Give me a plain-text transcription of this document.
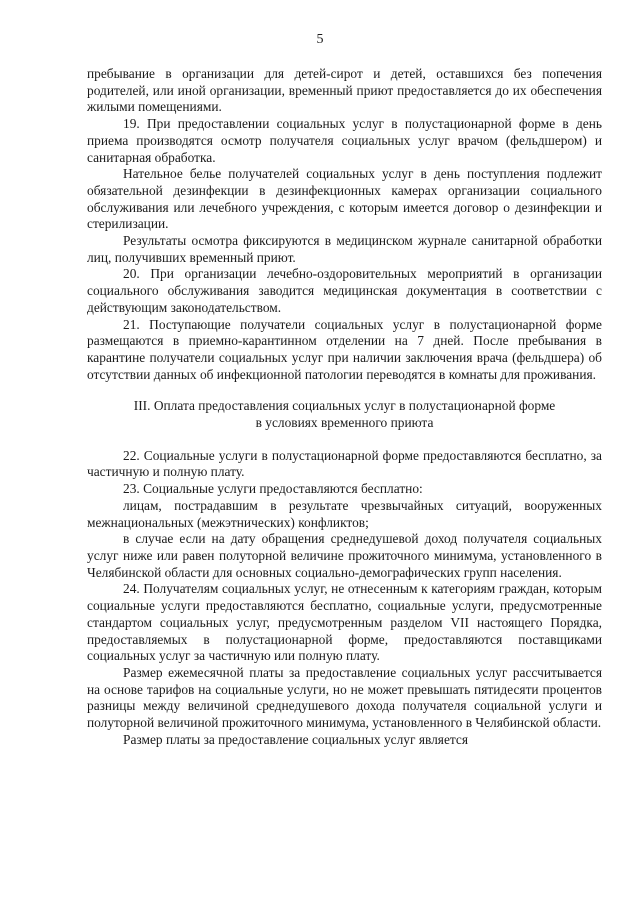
5

пребывание в организации для детей-сирот и детей, оставшихся без попечения родителей, или иной организации, временный приют предоставляется до их обеспечения жилыми помещениями.

19. При предоставлении социальных услуг в полустационарной форме в день приема производятся осмотр получателя социальных услуг врачом (фельдшером) и санитарная обработка.

Нательное белье получателей социальных услуг в день поступления подлежит обязательной дезинфекции в дезинфекционных камерах организации социального обслуживания или лечебного учреждения, с которым имеется договор о дезинфекции и стерилизации.

Результаты осмотра фиксируются в медицинском журнале санитарной обработки лиц, получивших временный приют.

20. При организации лечебно-оздоровительных мероприятий в организации социального обслуживания заводится медицинская документация в соответствии с действующим законодательством.

21. Поступающие получатели социальных услуг в полустационарной форме размещаются в приемно-карантинном отделении на 7 дней. После пребывания в карантине получатели социальных услуг при наличии заключения врача (фельдшера) об отсутствии данных об инфекционной патологии переводятся в комнаты для проживания.

III. Оплата предоставления социальных услуг в полустационарной форме
в условиях временного приюта

22. Социальные услуги в полустационарной форме предоставляются бесплатно, за частичную и полную плату.

23. Социальные услуги предоставляются бесплатно:

лицам, пострадавшим в результате чрезвычайных ситуаций, вооруженных межнациональных (межэтнических) конфликтов;

в случае если на дату обращения среднедушевой доход получателя социальных услуг ниже или равен полуторной величине прожиточного минимума, установленного в Челябинской области для основных социально-демографических групп населения.

24. Получателям социальных услуг, не отнесенным к категориям граждан, которым социальные услуги предоставляются бесплатно, социальные услуги, предусмотренные стандартом социальных услуг, предусмотренным разделом VII настоящего Порядка, предоставляемых в полустационарной форме, предоставляются поставщиками социальных услуг за частичную или полную плату.

Размер ежемесячной платы за предоставление социальных услуг рассчитывается на основе тарифов на социальные услуги, но не может превышать пятидесяти процентов разницы между величиной среднедушевого дохода получателя социальной услуги и полуторной величиной прожиточного минимума, установленного в Челябинской области.

Размер платы за предоставление социальных услуг является
